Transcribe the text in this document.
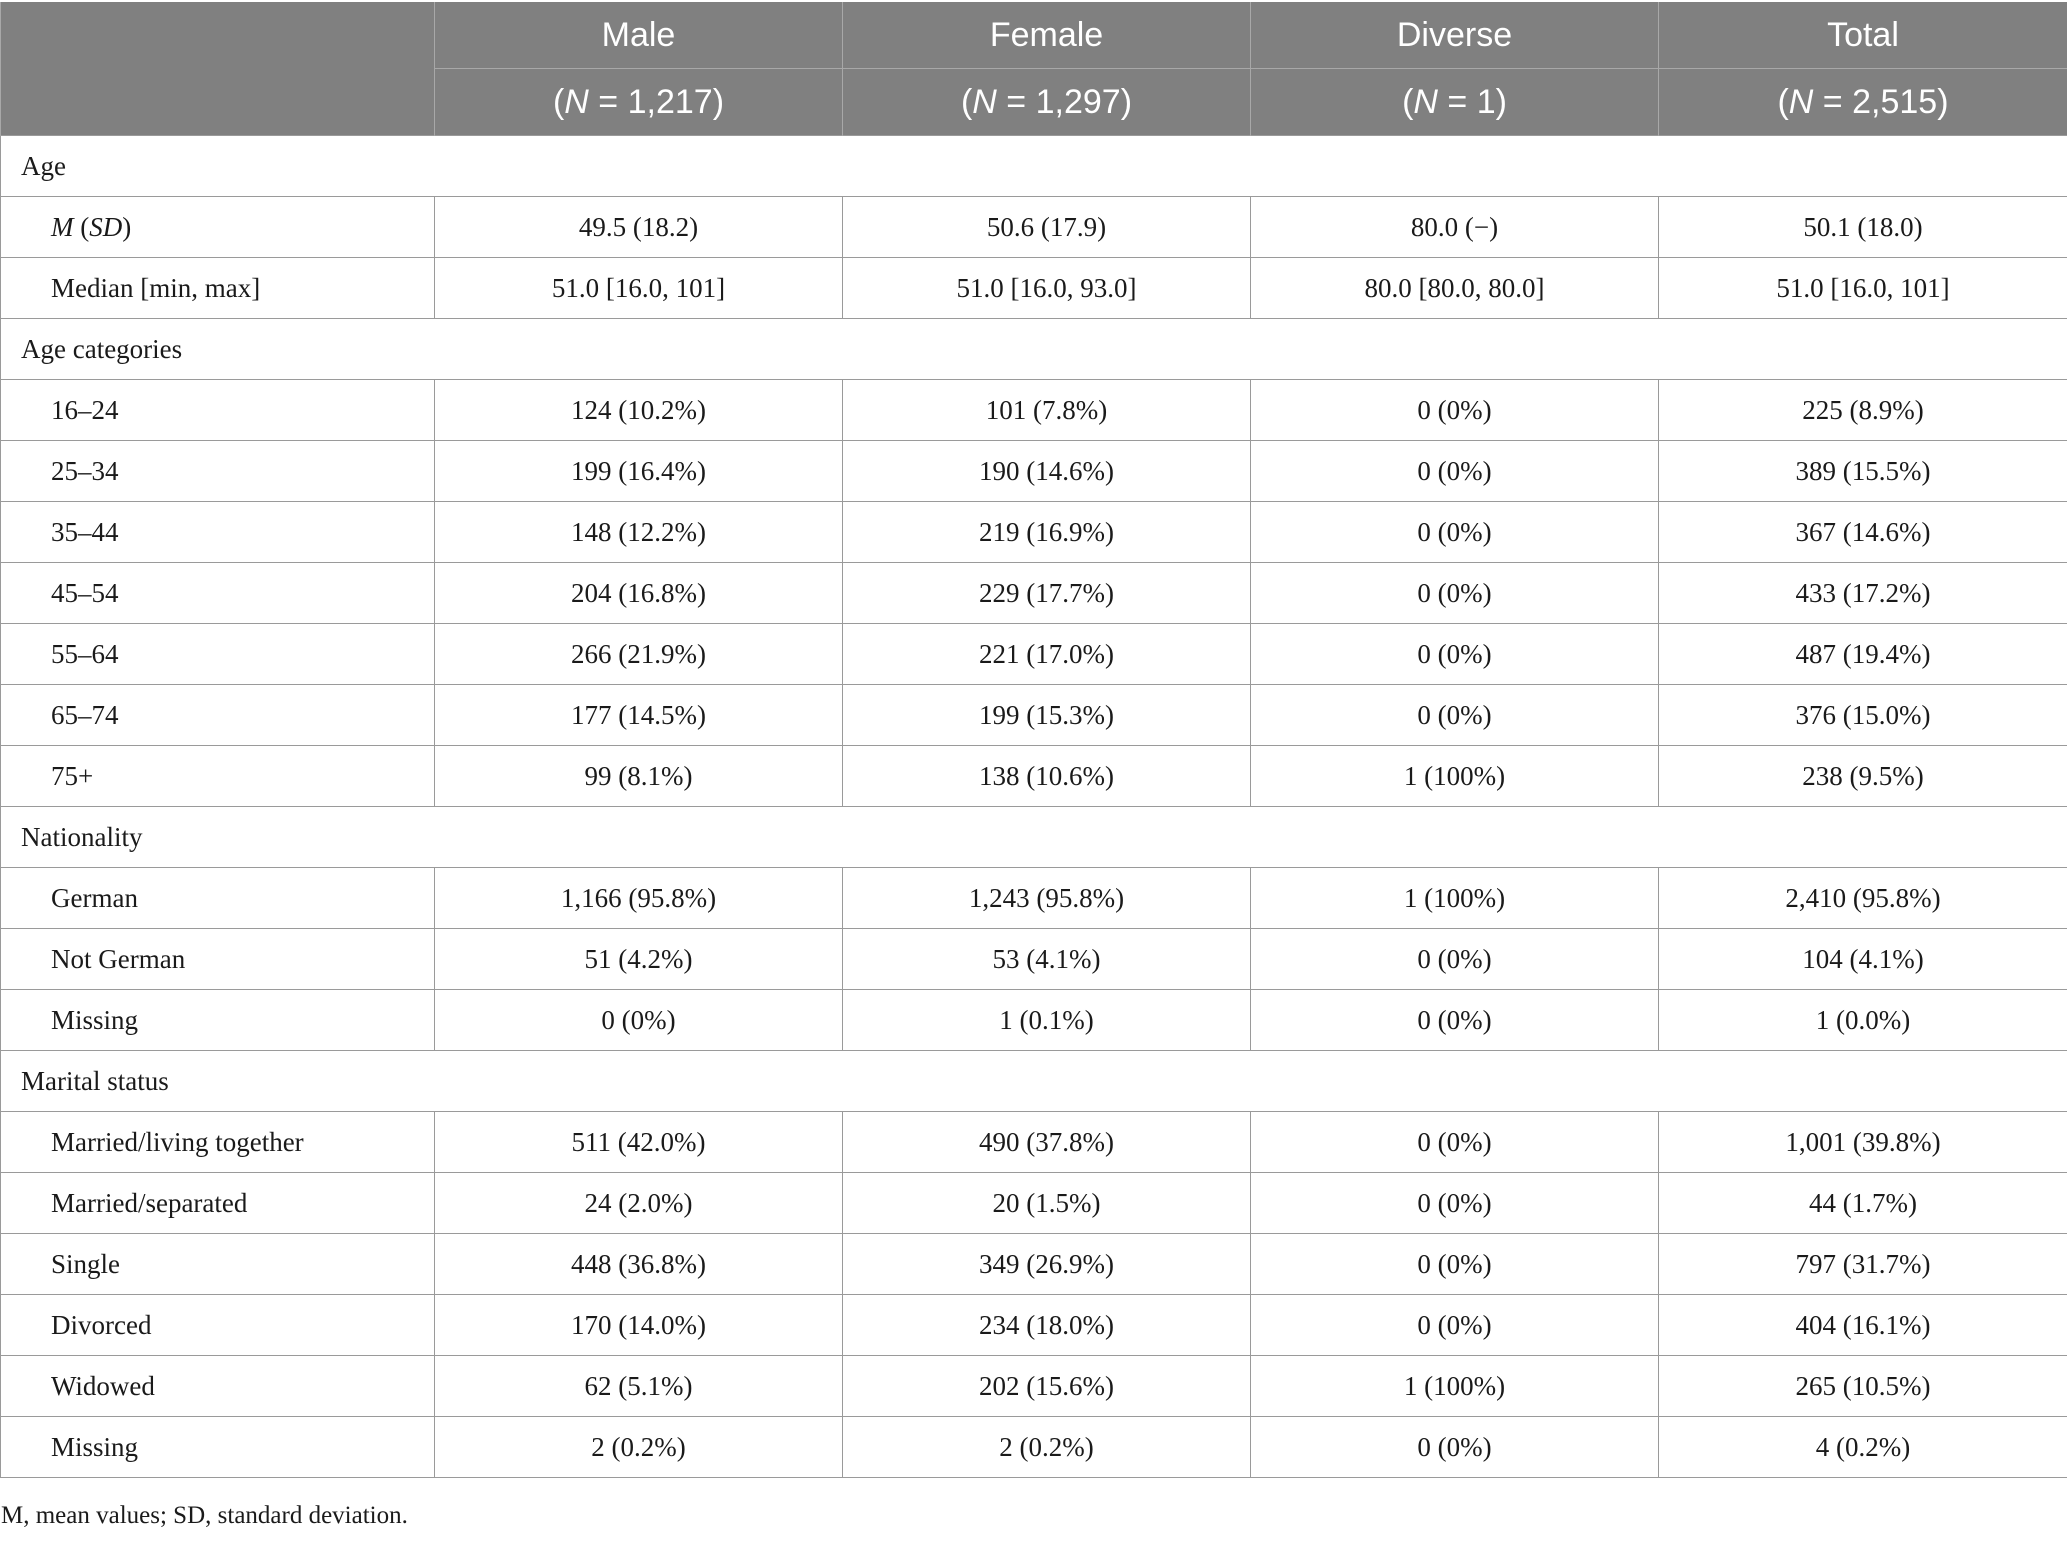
	Male	Female	Diverse	Total
	(N = 1,217)	(N = 1,297)	(N = 1)	(N = 2,515)
Age				
M (SD)	49.5 (18.2)	50.6 (17.9)	80.0 (−)	50.1 (18.0)
Median [min, max]	51.0 [16.0, 101]	51.0 [16.0, 93.0]	80.0 [80.0, 80.0]	51.0 [16.0, 101]
Age categories				
16–24	124 (10.2%)	101 (7.8%)	0 (0%)	225 (8.9%)
25–34	199 (16.4%)	190 (14.6%)	0 (0%)	389 (15.5%)
35–44	148 (12.2%)	219 (16.9%)	0 (0%)	367 (14.6%)
45–54	204 (16.8%)	229 (17.7%)	0 (0%)	433 (17.2%)
55–64	266 (21.9%)	221 (17.0%)	0 (0%)	487 (19.4%)
65–74	177 (14.5%)	199 (15.3%)	0 (0%)	376 (15.0%)
75+	99 (8.1%)	138 (10.6%)	1 (100%)	238 (9.5%)
Nationality				
German	1,166 (95.8%)	1,243 (95.8%)	1 (100%)	2,410 (95.8%)
Not German	51 (4.2%)	53 (4.1%)	0 (0%)	104 (4.1%)
Missing	0 (0%)	1 (0.1%)	0 (0%)	1 (0.0%)
Marital status				
Married/living together	511 (42.0%)	490 (37.8%)	0 (0%)	1,001 (39.8%)
Married/separated	24 (2.0%)	20 (1.5%)	0 (0%)	44 (1.7%)
Single	448 (36.8%)	349 (26.9%)	0 (0%)	797 (31.7%)
Divorced	170 (14.0%)	234 (18.0%)	0 (0%)	404 (16.1%)
Widowed	62 (5.1%)	202 (15.6%)	1 (100%)	265 (10.5%)
Missing	2 (0.2%)	2 (0.2%)	0 (0%)	4 (0.2%)
M, mean values; SD, standard deviation.
